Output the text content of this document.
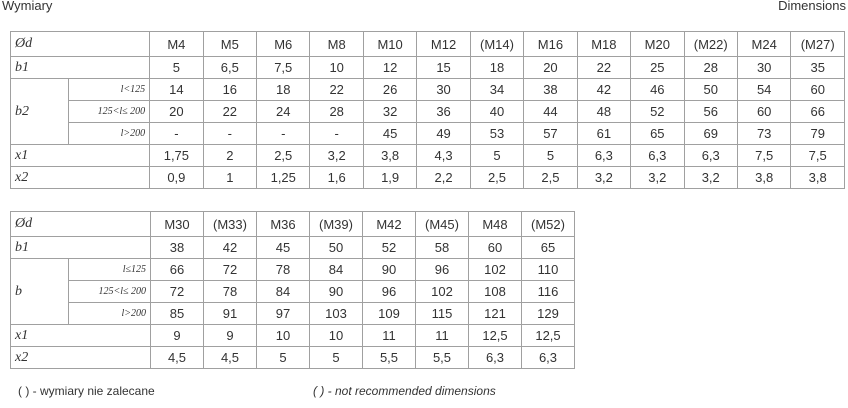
Wymiary	Dimensions
Ød		M4	M5	M6	M8	M10	M12	(M14)	M16	M18	M20	(M22)	M24	(M27)
b1		5	6,5	7,5	10	12	15	18	20	22	25	28	30	35
b2	l<125	14	16	18	22	26	30	34	38	42	46	50	54	60
	125<l≤ 200	20	22	24	28	32	36	40	44	48	52	56	60	66
	l>200	-	-	-	-	45	49	53	57	61	65	69	73	79
x1		1,75	2	2,5	3,2	3,8	4,3	5	5	6,3	6,3	6,3	7,5	7,5
x2		0,9	1	1,25	1,6	1,9	2,2	2,5	2,5	3,2	3,2	3,2	3,8	3,8
Ød		M30	(M33)	M36	(M39)	M42	(M45)	M48	(M52)
b1		38	42	45	50	52	58	60	65
b	l≤125	66	72	78	84	90	96	102	110
	125<l≤ 200	72	78	84	90	96	102	108	116
	l>200	85	91	97	103	109	115	121	129
x1		9	9	10	10	11	11	12,5	12,5
x2		4,5	4,5	5	5	5,5	5,5	6,3	6,3
( ) - wymiary nie zalecane	( ) - not recommended dimensions
